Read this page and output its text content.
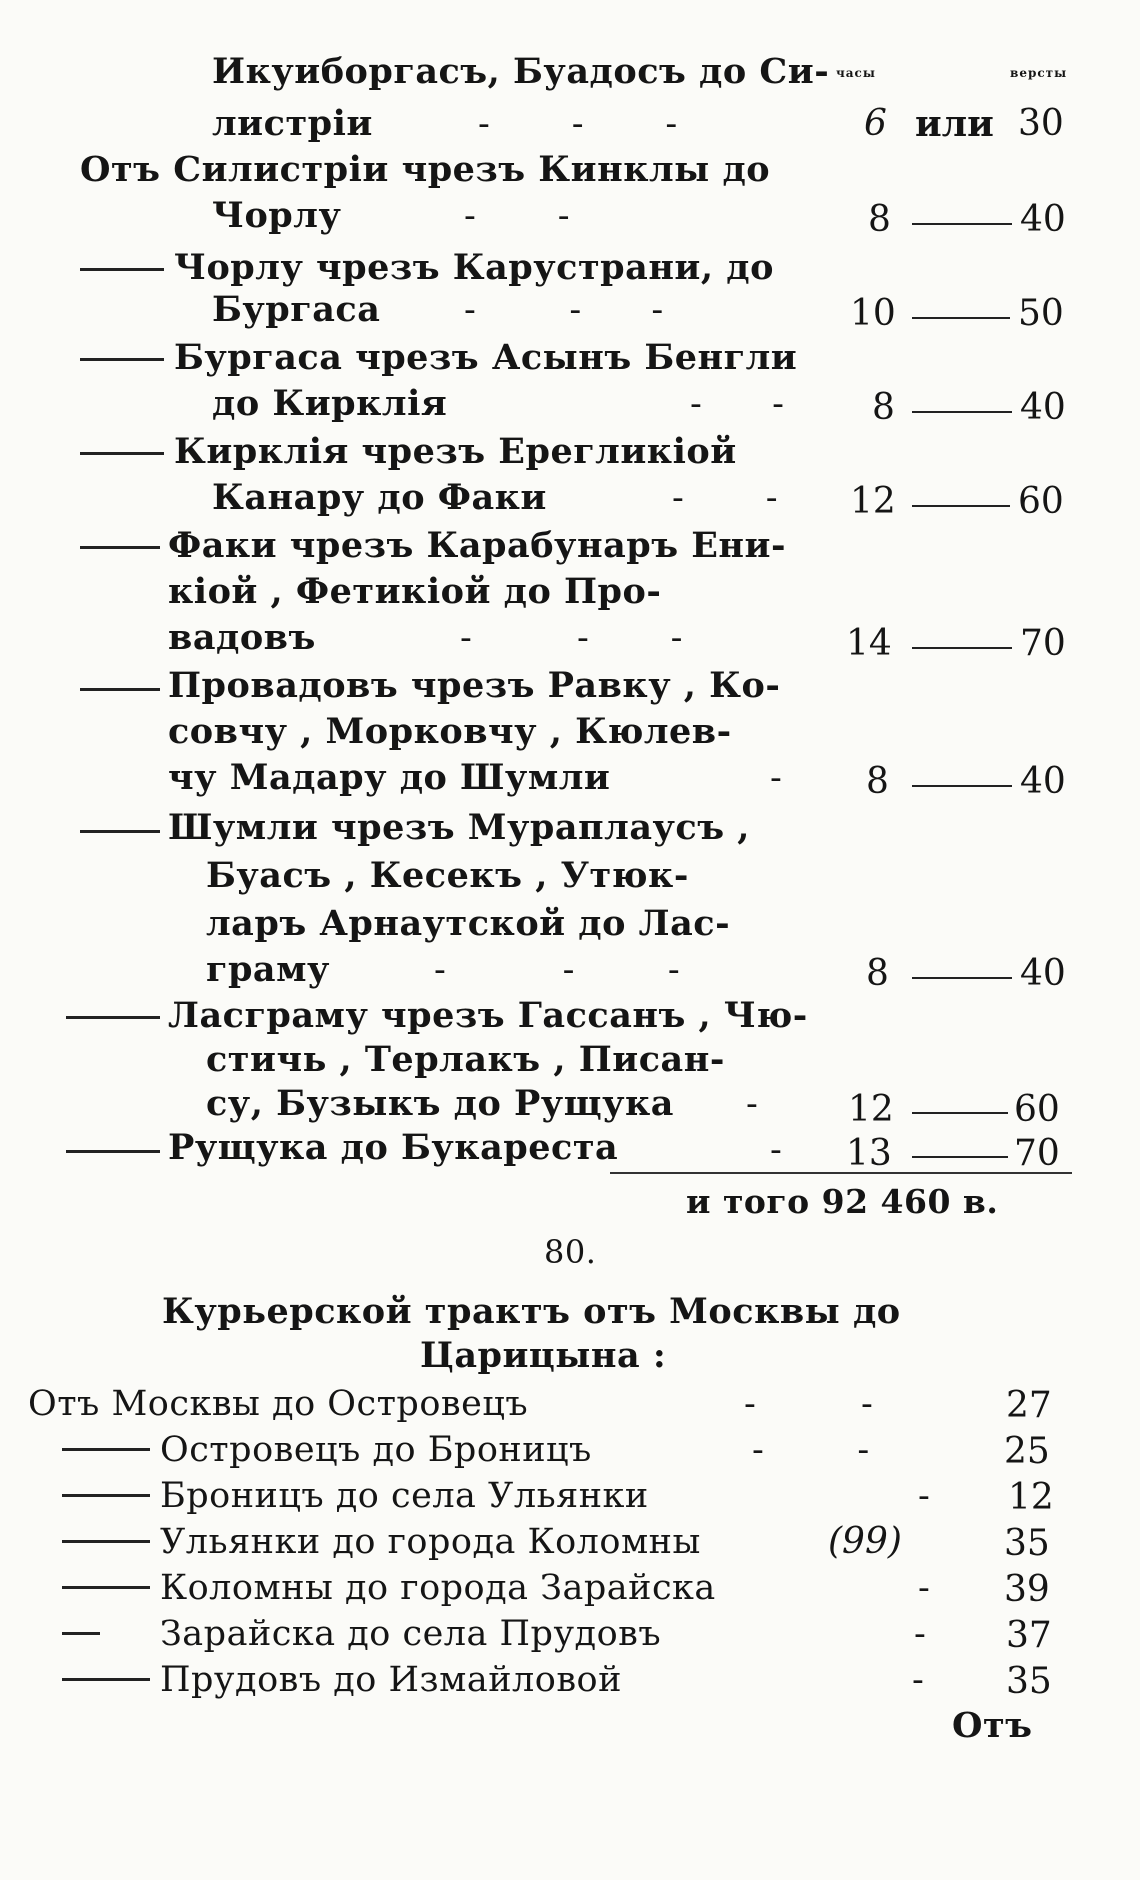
часы	версты
Икуиборгасъ, Буадосъ до Си-
листріи	-       -       -	6 или 30
Отъ Силистріи чрезъ Кинклы до
Чорлу	-       -	8	40
Чорлу чрезъ Карустрани, до
Бургаса -        -      -	10	50
Бургаса чрезъ Асынъ Бенгли
до Кирклія	-      - 8	40
Кирклія чрезъ Ерегликіой
Канару до Факи	-       - 12	60
Факи чрезъ Карабунаръ Ени-
кіой , Фетикіой до Про-
вадовъ	-         -       -	14	70
Провадовъ чрезъ Равку , Ко-
совчу , Морковчу , Кюлев-
чу Мадару до Шумли	- 8	40
Шумли чрезъ Мураплаусъ ,
Буасъ , Кесекъ , Утюк-
ларъ Арнаутской до Лас-
граму	-          -        -	8	40
Ласграму чрезъ Гассанъ , Чю-
стичь , Терлакъ , Писан-
су, Бузыкъ до Рущука - 12	60
Рущука до Букареста	- 13	70
и того 92 460 в.
80.
Курьерской трактъ отъ Москвы до
Царицына :
Отъ Москвы до Островецъ	-         -	27
Островецъ до Броницъ	-        -	25
Броницъ до села Ульянки	- 12
Ульянки до города Коломны	(99)	35
Коломны до города Зарайска	- 39
Зарайска до села Прудовъ	- 37
Прудовъ до Измайловой	- 35
Отъ
